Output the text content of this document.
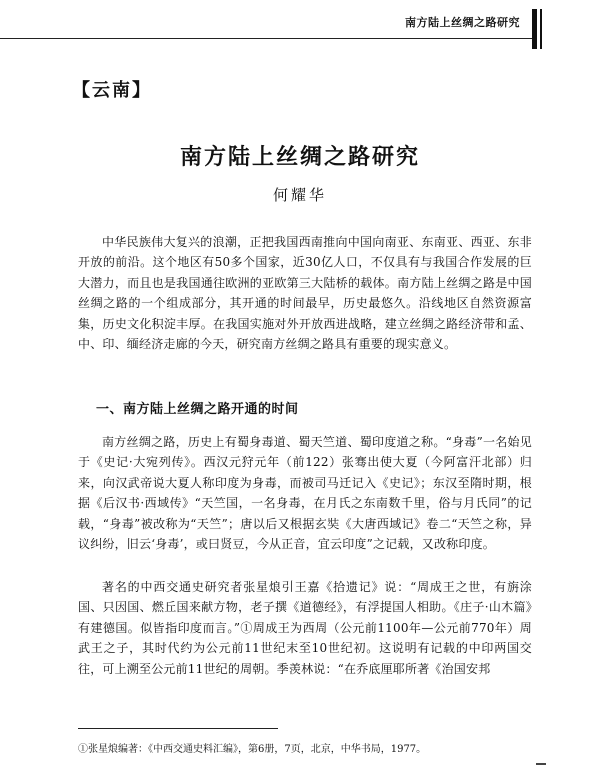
南方陆上丝绸之路研究
【云南】
南方陆上丝绸之路研究
何耀华

中华民族伟大复兴的浪潮，正把我国西南推向中国向南亚、东南亚、西亚、东非开放的前沿。这个地区有50多个国家，近30亿人口，不仅具有与我国合作发展的巨大潜力，而且也是我国通往欧洲的亚欧第三大陆桥的载体。南方陆上丝绸之路是中国丝绸之路的一个组成部分，其开通的时间最早，历史最悠久。沿线地区自然资源富集，历史文化积淀丰厚。在我国实施对外开放西进战略，建立丝绸之路经济带和孟、中、印、缅经济走廊的今天，研究南方丝绸之路具有重要的现实意义。

一、南方陆上丝绸之路开通的时间

南方丝绸之路，历史上有蜀身毒道、蜀天竺道、蜀印度道之称。“身毒”一名始见于《史记·大宛列传》。西汉元狩元年（前122）张骞出使大夏（今阿富汗北部）归来，向汉武帝说大夏人称印度为身毒，而被司马迁记入《史记》；东汉至隋时期，根据《后汉书·西域传》“天竺国，一名身毒，在月氏之东南数千里，俗与月氏同”的记载，“身毒”被改称为“天竺”；唐以后又根据玄奘《大唐西域记》卷二“天竺之称，异议纠纷，旧云‘身毒’，或曰贤豆，今从正音，宜云印度”之记载，又改称印度。

著名的中西交通史研究者张星烺引王嘉《拾遗记》说：“周成王之世，有旃涂国、只因国、燃丘国来献方物，老子撰《道德经》，有浮提国人相助。《庄子·山木篇》有建德国。似皆指印度而言。”①周成王为西周（公元前1100年—公元前770年）周武王之子，其时代约为公元前11世纪末至10世纪初。这说明有记载的中印两国交往，可上溯至公元前11世纪的周朝。季羡林说：“在乔底厘耶所著《治国安邦

①张星烺编著：《中西交通史料汇编》，第6册，7页，北京，中华书局，1977。
